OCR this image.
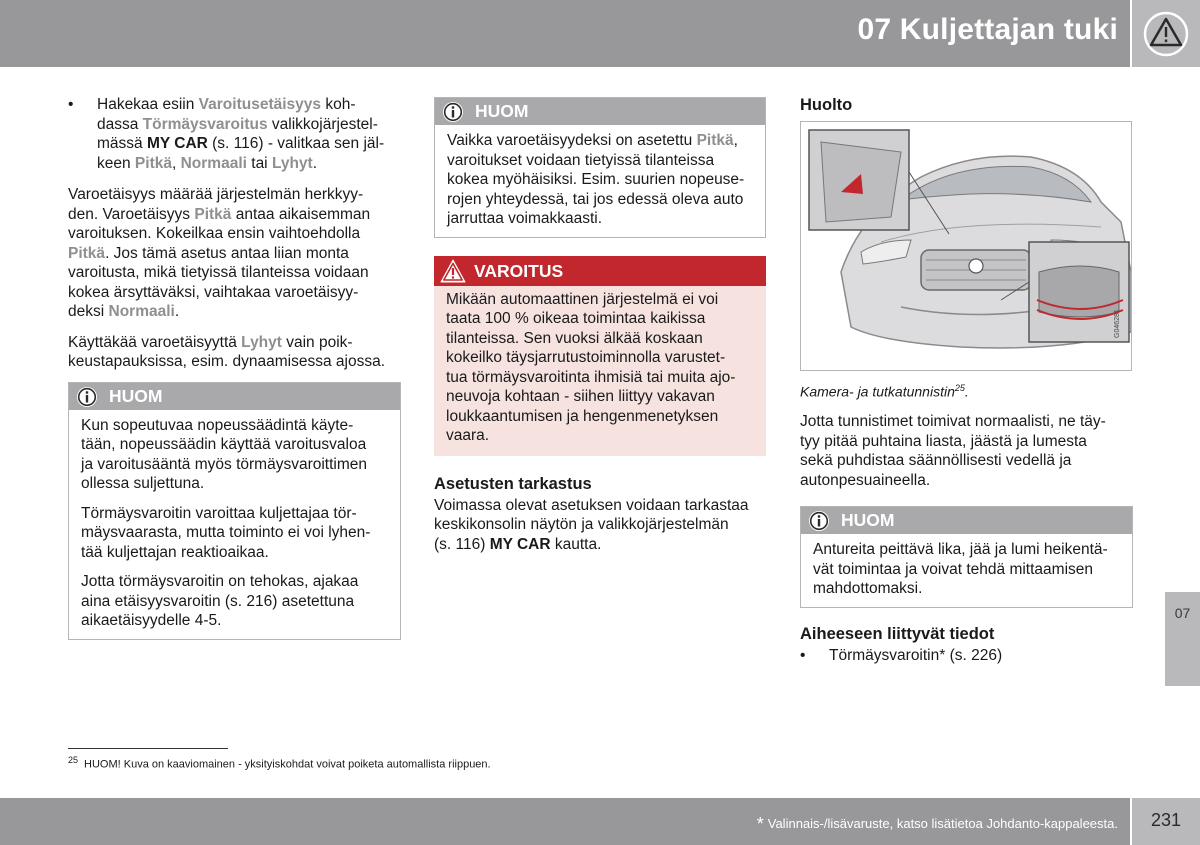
07 Kuljettajan tuki
• Hakekaa esiin Varoitusetäisyys koh-
dassa Törmäysvaroitus valikkojärjestel-
mässä MY CAR (s. 116) - valitkaa sen jäl-
keen Pitkä, Normaali tai Lyhyt.

Varoetäisyys määrää järjestelmän herkkyy-
den. Varoetäisyys Pitkä antaa aikaisemman
varoituksen. Kokeilkaa ensin vaihtoehdolla
Pitkä. Jos tämä asetus antaa liian monta
varoitusta, mikä tietyissä tilanteissa voidaan
kokea ärsyttäväksi, vaihtakaa varoetäisyy-
deksi Normaali.

Käyttäkää varoetäisyyttä Lyhyt vain poik-
keustapauksissa, esim. dynaamisessa ajossa.

HUOM

Kun sopeutuvaa nopeussäädintä käyte-
tään, nopeussäädin käyttää varoitusvaloa
ja varoitusääntä myös törmäysvaroittimen
ollessa suljettuna.

Törmäysvaroitin varoittaa kuljettajaa tör-
mäysvaarasta, mutta toiminto ei voi lyhen-
tää kuljettajan reaktioaikaa.

Jotta törmäysvaroitin on tehokas, ajakaa
aina etäisyysvaroitin (s. 216) asetettuna
aikaetäisyydelle 4-5.

HUOM

Vaikka varoetäisyydeksi on asetettu Pitkä,
varoitukset voidaan tietyissä tilanteissa
kokea myöhäisiksi. Esim. suurien nopeuse-
rojen yhteydessä, tai jos edessä oleva auto
jarruttaa voimakkaasti.

VAROITUS
Mikään automaattinen järjestelmä ei voi
taata 100 % oikeaa toimintaa kaikissa
tilanteissa. Sen vuoksi älkää koskaan
kokeilko täysjarrutustoiminnolla varustet-
tua törmäysvaroitinta ihmisiä tai muita ajo-
neuvoja kohtaan - siihen liittyy vakavan
loukkaantumisen ja hengenmenetyksen
vaara.
Asetusten tarkastus

Voimassa olevat asetuksen voidaan tarkastaa
keskikonsolin näytön ja valikkojärjestelmän
(s. 116) MY CAR kautta.

Huolto
G046281

Kamera- ja tutkatunnistin$^{25}$.

Jotta tunnistimet toimivat normaalisti, ne täy-
tyy pitää puhtaina liasta, jäästä ja lumesta
sekä puhdistaa säännöllisesti vedellä ja
autonpesuaineella.

HUOM
Antureita peittävä lika, jää ja lumi heikentä-
vät toimintaa ja voivat tehdä mittaamisen
mahdottomaksi.
Aiheeseen liittyvät tiedot
• Törmäysvaroitin* (s. 226)
07
$^{25}$ HUOM! Kuva on kaaviomainen - yksityiskohdat voivat poiketa automallista riippuen.
* Valinnais-/lisävaruste, katso lisätietoa Johdanto-kappaleesta.	231
